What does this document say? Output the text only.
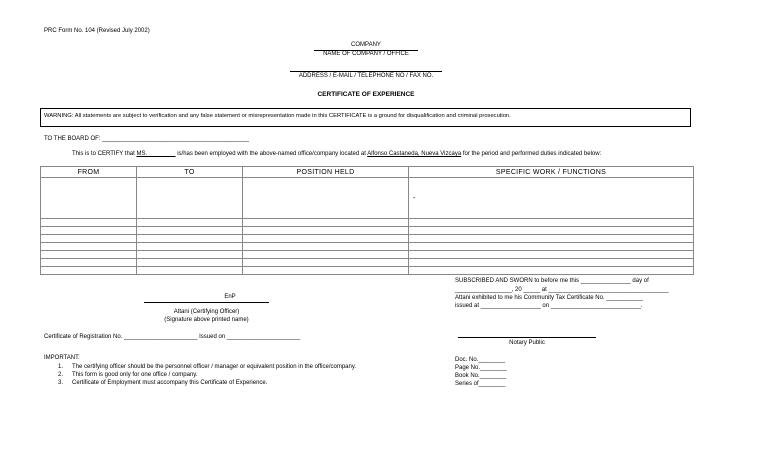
PRC Form No. 104 (Revised July 2002)
COMPANY
NAME OF COMPANY / OFFICE
ADDRESS / E-MAIL / TELEPHONE NO / FAX NO.
CERTIFICATE OF EXPERIENCE
WARNING: All statements are subject to verification and any false statement or misrepresentation made in this CERTIFICATE is a ground for disqualification and criminal prosecution.
TO THE BOARD OF: ____________________________________________
This is to CERTIFY that MS. ________ is/has been employed with the above-named office/company located at Alfonso Castaneda, Nueva Vizcaya for the period and performed duties indicated below:
FROM	TO	POSITION HELD	SPECIFIC WORK / FUNCTIONS
			-

EnP
Attani (Certifying Officer)
(Signature above printed name)
Certificate of Registration No. ______________________ Issued on ______________________
SUBSCRIBED AND SWORN to before me this _______________ day of
_________________, 20 _____ at ____________________________________
Attani exhibited to me his Community Tax Certificate No. ___________
issued at __________________ on ___________________________.
Notary Public
IMPORTANT:
1. The certifying officer should be the personnel officer / manager or equivalent position in the office/company.
2. This form is good only for one office / company.
3. Certificate of Employment must accompany this Certificate of Experience.
Doc. No.________
Page No.________
Book No.________
Series of________
